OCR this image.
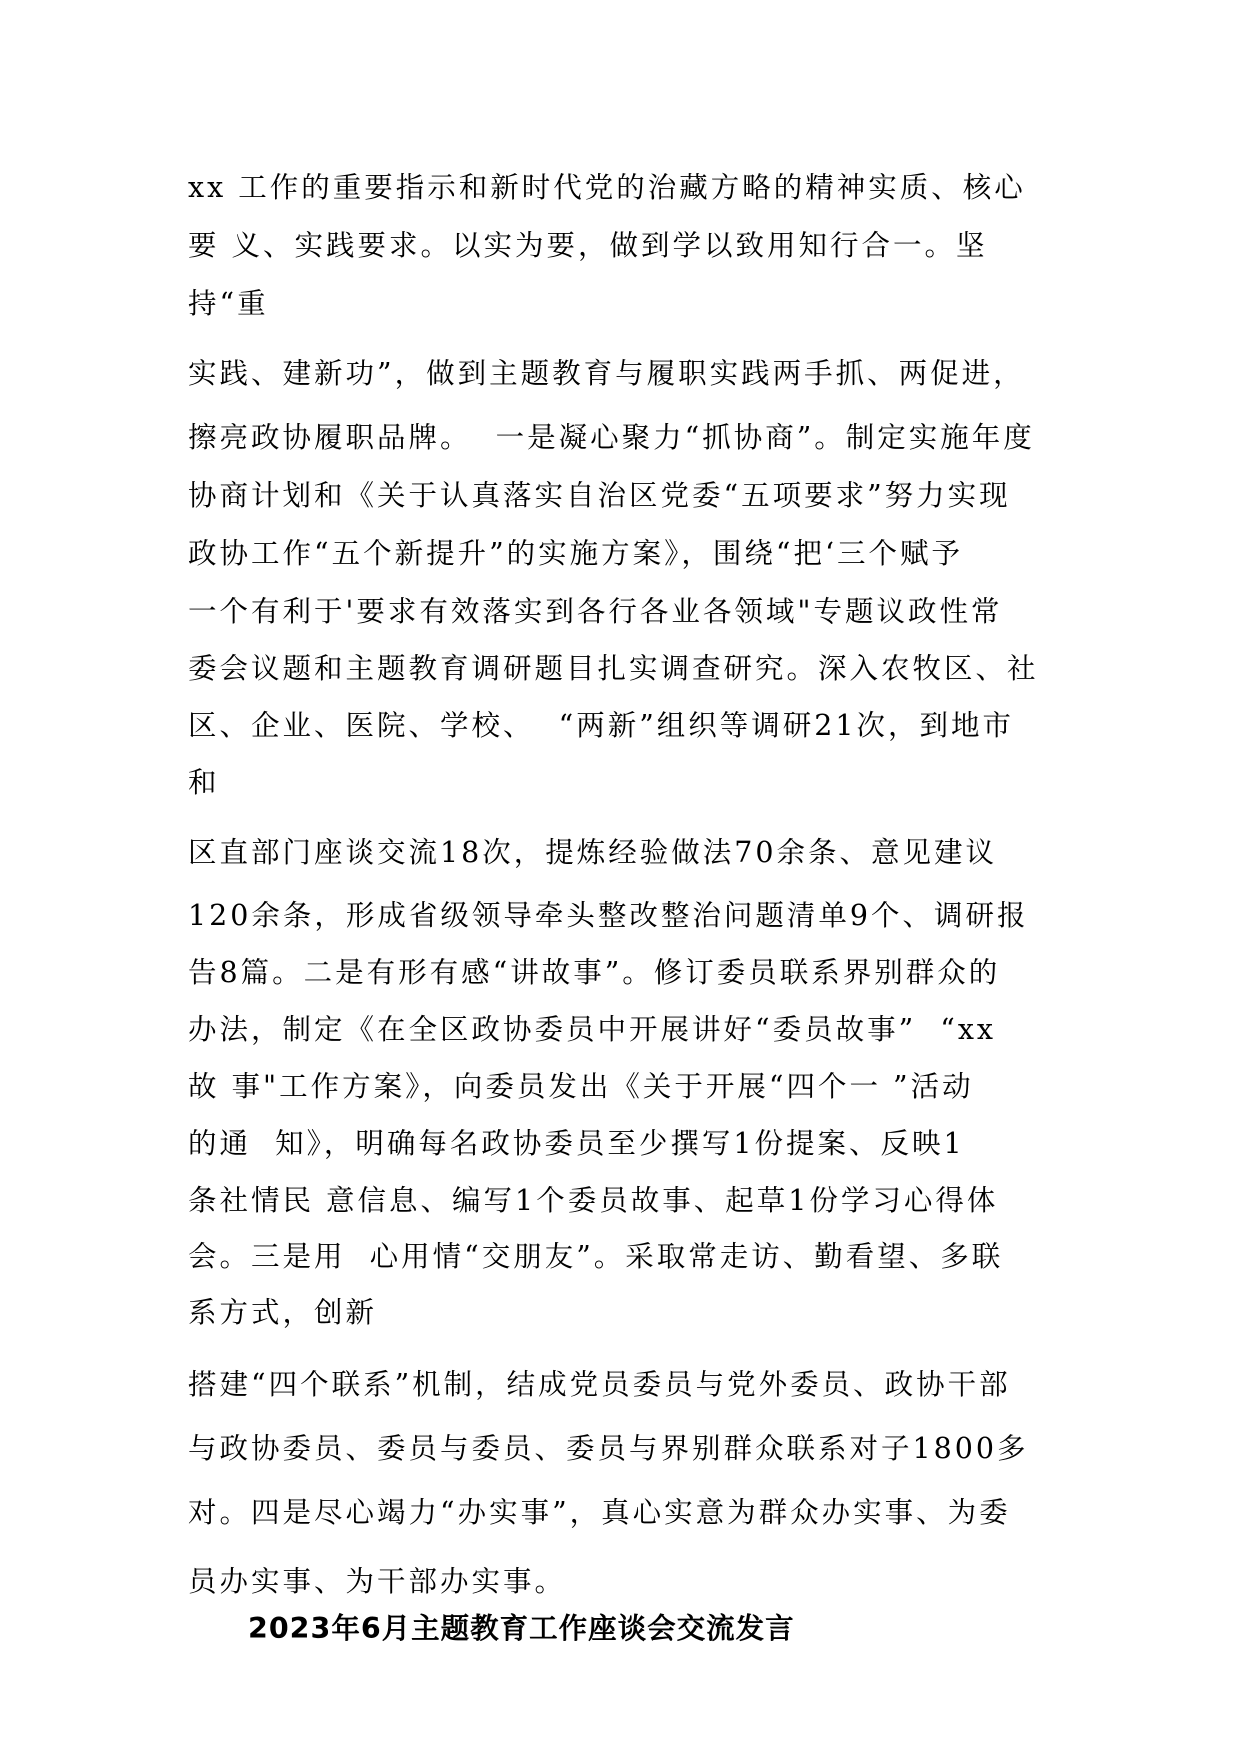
xx 工作的重要指示和新时代党的治藏方略的精神实质、核心
要 义、实践要求。以实为要，做到学以致用知行合一。坚
持“重
实践、建新功”，做到主题教育与履职实践两手抓、两促进，
擦亮政协履职品牌。  一是凝心聚力“抓协商”。制定实施年度
协商计划和《关于认真落实自治区党委“五项要求”努力实现
政协工作“五个新提升”的实施方案》，围绕“把‘三个赋予
一个有利于'要求有效落实到各行各业各领域"专题议政性常
委会议题和主题教育调研题目扎实调查研究。深入农牧区、社
区、企业、医院、学校、  “两新”组织等调研21次，到地市
和
区直部门座谈交流18次，提炼经验做法70余条、意见建议
120余条，形成省级领导牵头整改整治问题清单9个、调研报
告8篇。二是有形有感“讲故事”。修订委员联系界别群众的
办法，制定《在全区政协委员中开展讲好“委员故事”  “xx
故 事"工作方案》，向委员发出《关于开展“四个一 ”活动
的通  知》，明确每名政协委员至少撰写1份提案、反映1
条社情民 意信息、编写1个委员故事、起草1份学习心得体
会。三是用  心用情“交朋友”。采取常走访、勤看望、多联
系方式，创新
搭建“四个联系”机制，结成党员委员与党外委员、政协干部
与政协委员、委员与委员、委员与界别群众联系对子1800多
对。四是尽心竭力“办实事”，真心实意为群众办实事、为委
员办实事、为干部办实事。
2023年6月主题教育工作座谈会交流发言
